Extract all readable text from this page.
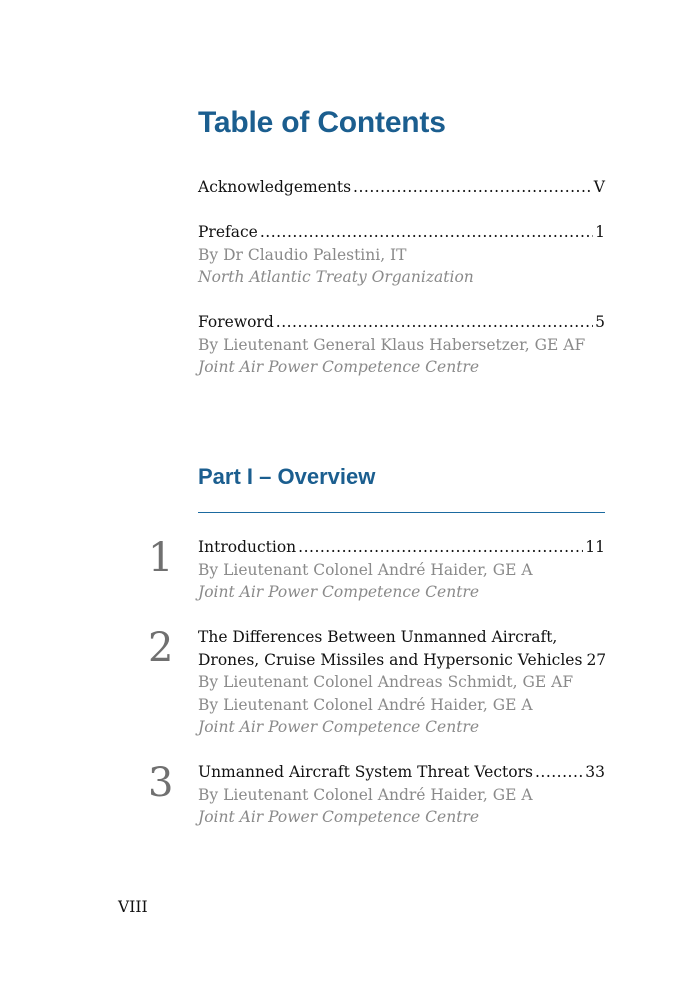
Table of Contents
Acknowledgements .....	V
Preface .....	1
By Dr Claudio Palestini, IT
North Atlantic Treaty Organization
Foreword .....	5
By Lieutenant General Klaus Habersetzer, GE AF
Joint Air Power Competence Centre
Part I – Overview
1 Introduction .....	11
By Lieutenant Colonel André Haider, GE A
Joint Air Power Competence Centre
2 The Differences Between Unmanned Aircraft,
Drones, Cruise Missiles and Hypersonic Vehicles 27
By Lieutenant Colonel Andreas Schmidt, GE AF
By Lieutenant Colonel André Haider, GE A
Joint Air Power Competence Centre
3 Unmanned Aircraft System Threat Vectors .....	33
By Lieutenant Colonel André Haider, GE A
Joint Air Power Competence Centre
VIII
